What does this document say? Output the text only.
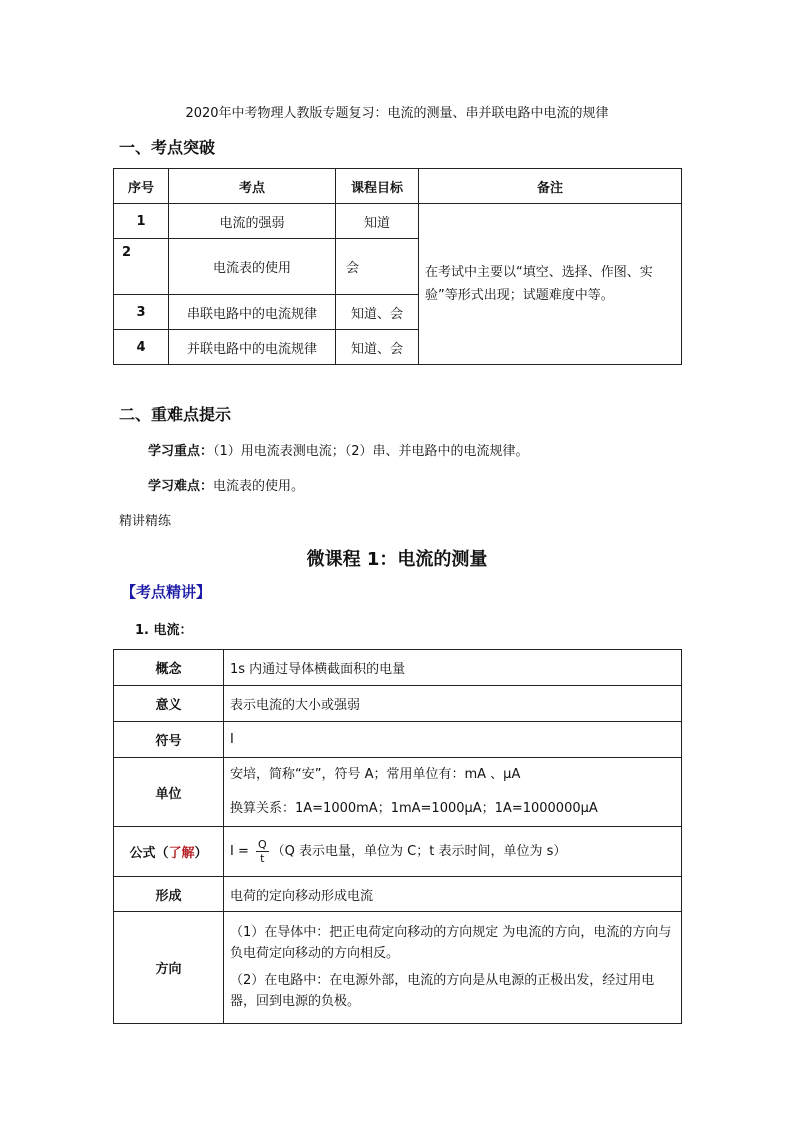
2020年中考物理人教版专题复习：电流的测量、串并联电路中电流的规律
一、考点突破
序号	考点	课程目标	备注
1	电流的强弱	知道	在考试中主要以“填空、选择、作图、实验”等形式出现；试题难度中等。
2	电流表的使用	会	
3	串联电路中的电流规律	知道、会	
4	并联电路中的电流规律	知道、会	
二、重难点提示
学习重点：（1）用电流表测电流；（2）串、并电路中的电流规律。
学习难点：电流表的使用。
精讲精练
微课程 1：电流的测量
【考点精讲】
1. 电流：
概念	1s 内通过导体横截面积的电量
意义	表示电流的大小或强弱
符号	I
单位	安培，简称“安”，符号 A；常用单位有：mA 、μA
换算关系：1A=1000mA；1mA=1000μA；1A=1000000μA

公式（了解）	$I = \frac{Q}{t} (Q$ 表示电量，单位为 C；t 表示时间，单位为 s）
形成	电荷的定向移动形成电流
方向	（1）在导体中：把正电荷定向移动的方向规定 为电流的方向，电流的方向与负电荷定向移动的方向相反。
（2）在电路中：在电源外部，电流的方向是从电源的正极出发，经过用电器，回到电源的负极。
